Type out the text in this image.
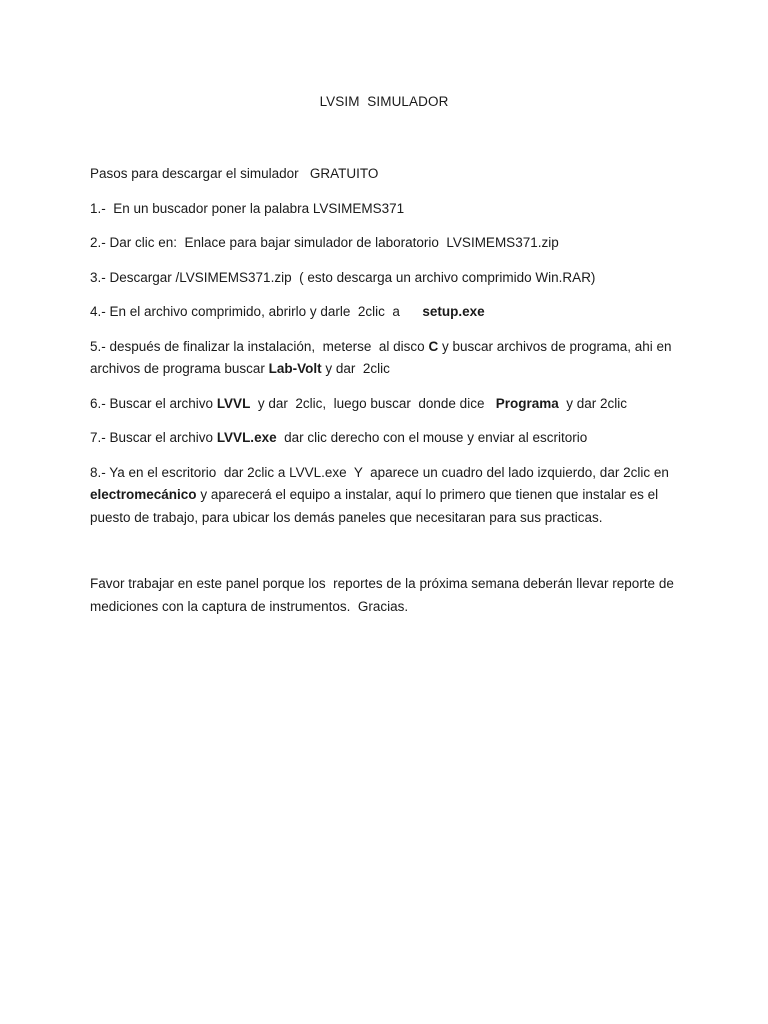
LVSIM  SIMULADOR

Pasos para descargar el simulador   GRATUITO

1.-  En un buscador poner la palabra LVSIMEMS371

2.- Dar clic en:  Enlace para bajar simulador de laboratorio  LVSIMEMS371.zip

3.- Descargar /LVSIMEMS371.zip  ( esto descarga un archivo comprimido Win.RAR)

4.- En el archivo comprimido, abrirlo y darle  2clic  a      setup.exe

5.- después de finalizar la instalación,  meterse  al disco C y buscar archivos de programa, ahi en archivos de programa buscar Lab-Volt y dar  2clic

6.- Buscar el archivo LVVL  y dar  2clic,  luego buscar  donde dice   Programa  y dar 2clic

7.- Buscar el archivo LVVL.exe  dar clic derecho con el mouse y enviar al escritorio

8.- Ya en el escritorio  dar 2clic a LVVL.exe  Y  aparece un cuadro del lado izquierdo, dar 2clic en electromecánico y aparecerá el equipo a instalar, aquí lo primero que tienen que instalar es el puesto de trabajo, para ubicar los demás paneles que necesitaran para sus practicas.

Favor trabajar en este panel porque los  reportes de la próxima semana deberán llevar reporte de mediciones con la captura de instrumentos.  Gracias.
